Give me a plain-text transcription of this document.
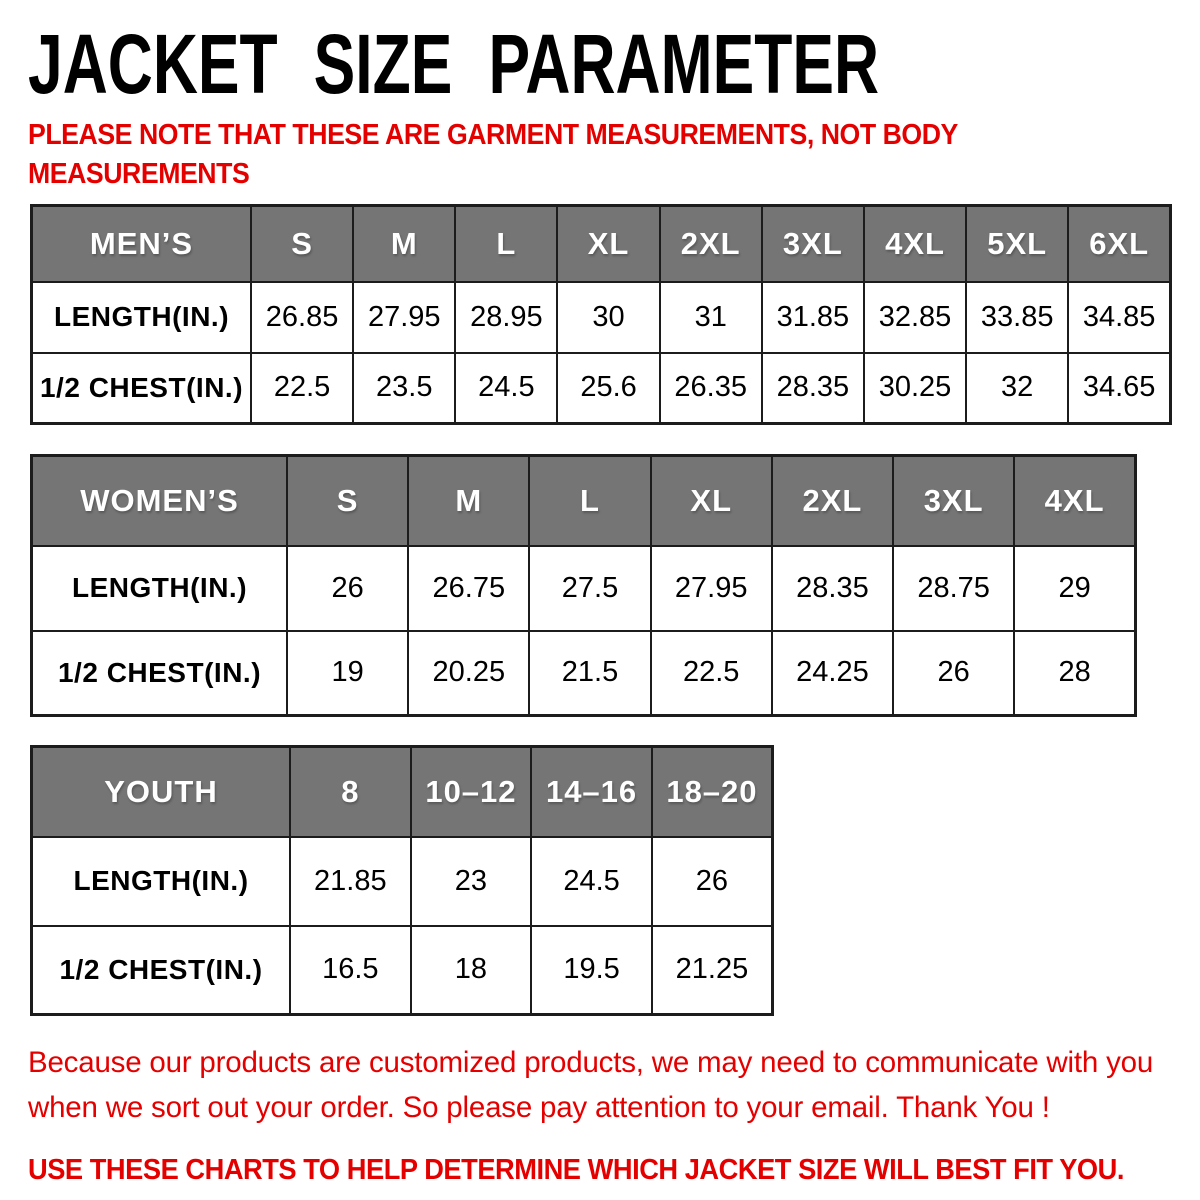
JACKET SIZE PARAMETER
PLEASE NOTE THAT THESE ARE GARMENT MEASUREMENTS, NOT BODY
MEASUREMENTS
MEN’S	S	M	L	XL	2XL	3XL	4XL	5XL	6XL
LENGTH(IN.)	26.85	27.95	28.95	30	31	31.85	32.85	33.85	34.85
1/2 CHEST(IN.)	22.5	23.5	24.5	25.6	26.35	28.35	30.25	32	34.65
WOMEN’S	S	M	L	XL	2XL	3XL	4XL
LENGTH(IN.)	26	26.75	27.5	27.95	28.35	28.75	29
1/2 CHEST(IN.)	19	20.25	21.5	22.5	24.25	26	28
YOUTH	8	10–12	14–16	18–20
LENGTH(IN.)	21.85	23	24.5	26
1/2 CHEST(IN.)	16.5	18	19.5	21.25
Because our products are customized products, we may need to communicate with you when we sort out your order. So please pay attention to your email. Thank You !
USE THESE CHARTS TO HELP DETERMINE WHICH JACKET SIZE WILL BEST FIT YOU.
